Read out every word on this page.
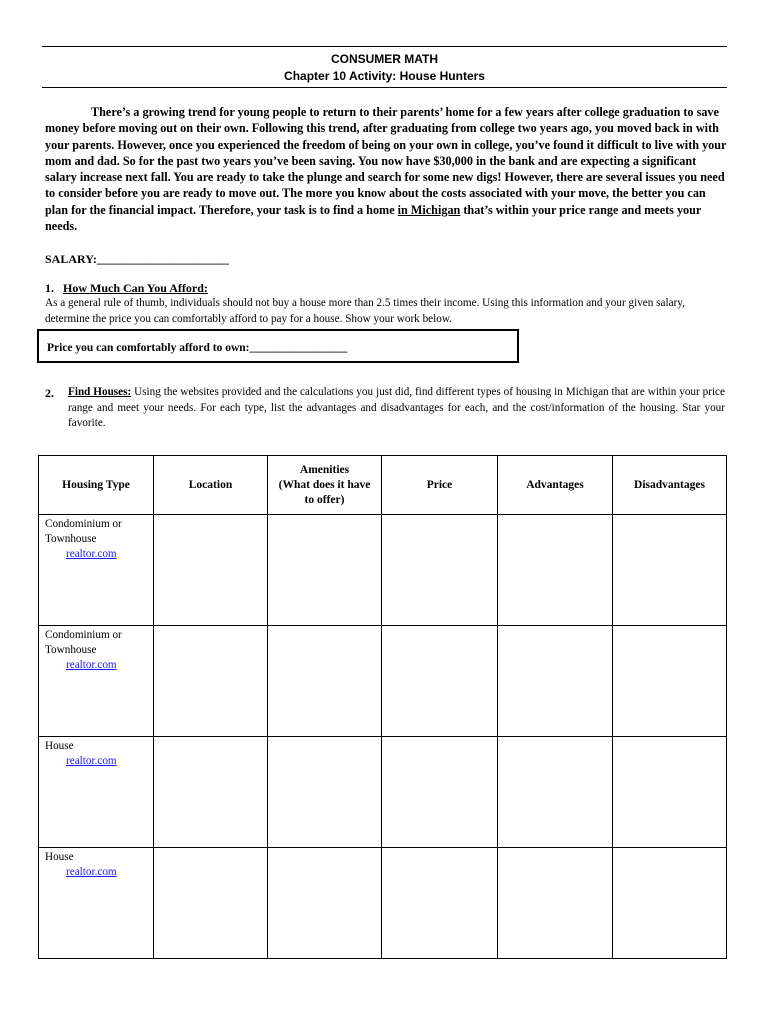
CONSUMER MATH
Chapter 10 Activity: House Hunters

There’s a growing trend for young people to return to their parents’ home for a few years after college graduation to save money before moving out on their own. Following this trend, after graduating from college two years ago, you moved back in with your parents. However, once you experienced the freedom of being on your own in college, you’ve found it difficult to live with your mom and dad. So for the past two years you’ve been saving. You now have $30,000 in the bank and are expecting a significant salary increase next fall. You are ready to take the plunge and search for some new digs! However, there are several issues you need to consider before you are ready to move out. The more you know about the costs associated with your move, the better you can plan for the financial impact. Therefore, your task is to find a home in Michigan that’s within your price range and meets your needs.

SALARY:______________________
1. How Much Can You Afford:

As a general rule of thumb, individuals should not buy a house more than 2.5 times their income. Using this information and your given salary, determine the price you can comfortably afford to pay for a house. Show your work below.

Price you can comfortably afford to own:_________________
2. Find Houses: Using the websites provided and the calculations you just did, find different types of housing in Michigan that are within your price range and meet your needs. For each type, list the advantages and disadvantages for each, and the cost/information of the housing. Star your favorite.

Housing Type	Location	Amenities
(What does it have
to offer)	Price	Advantages	Disadvantages
Condominium or
Townhouse
realtor.com					

Condominium or
Townhouse
realtor.com					

House
realtor.com					

House
realtor.com					
